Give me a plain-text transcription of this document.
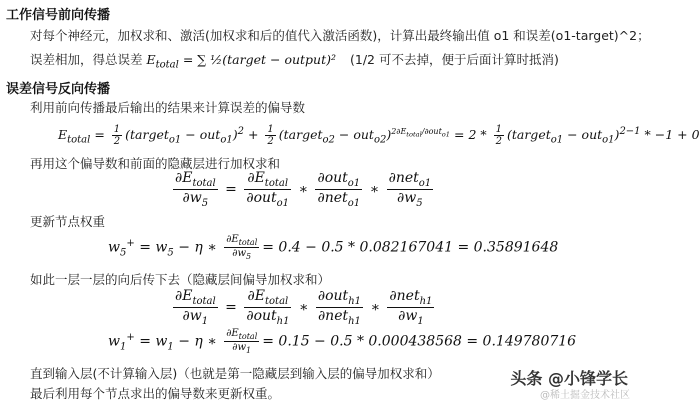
工作信号前向传播
对每个神经元，加权求和、激活(加权求和后的值代入激活函数)，计算出最终输出值 o1 和误差(o1-target)^2；
误差相加，得总误差 $E_{total}$ = ∑ ½(target − output)² (1/2 可不去掉，便于后面计算时抵消)
误差信号反向传播
利用前向传播最后输出的结果来计算误差的偏导数
$E_{total} = \frac{1}{2}$ (target$_{o1}$ − $out_{o1})^2 + \frac{1}{2}$ (target$_{o2}$ − $out_{o2})^{2\partial E_{total}/\partial out_{o1}} = 2 * \frac{1}{2}$ (target$_{o1}$ − out$_{o1}$)$^{2-1}$ * −1 + 0
再用这个偏导数和前面的隐藏层进行加权求和
$\frac{\partial E_{total}}{\partial w_5} = \frac{\partial E_{total}}{\partial out_{o1}}$ ∗ $\frac{\partial out_{o1}}{\partial net_{o1}}$ ∗ $\frac{\partial net_{o1}}{\partial w_5}$
更新节点权重
$w_5^+ = w_5 - \eta$ ∗ $\frac{\partial E_{total}}{\partial w_5} = 0.4 - 0.5 * 0.082167041 = 0.35891648$
如此一层一层的向后传下去（隐藏层间偏导加权求和）
$\frac{\partial E_{total}}{\partial w_1} = \frac{\partial E_{total}}{\partial out_{h1}}$ ∗ $\frac{\partial out_{h1}}{\partial net_{h1}}$ ∗ $\frac{\partial net_{h1}}{\partial w_1}$
$w_1^+ = w_1 - \eta$ ∗ $\frac{\partial E_{total}}{\partial w_1} = 0.15 - 0.5 * 0.000438568 = 0.149780716$
直到输入层(不计算输入层)（也就是第一隐藏层到输入层的偏导加权求和）
最后利用每个节点求出的偏导数来更新权重。
头条 @小锋学长
@稀土掘金技术社区
